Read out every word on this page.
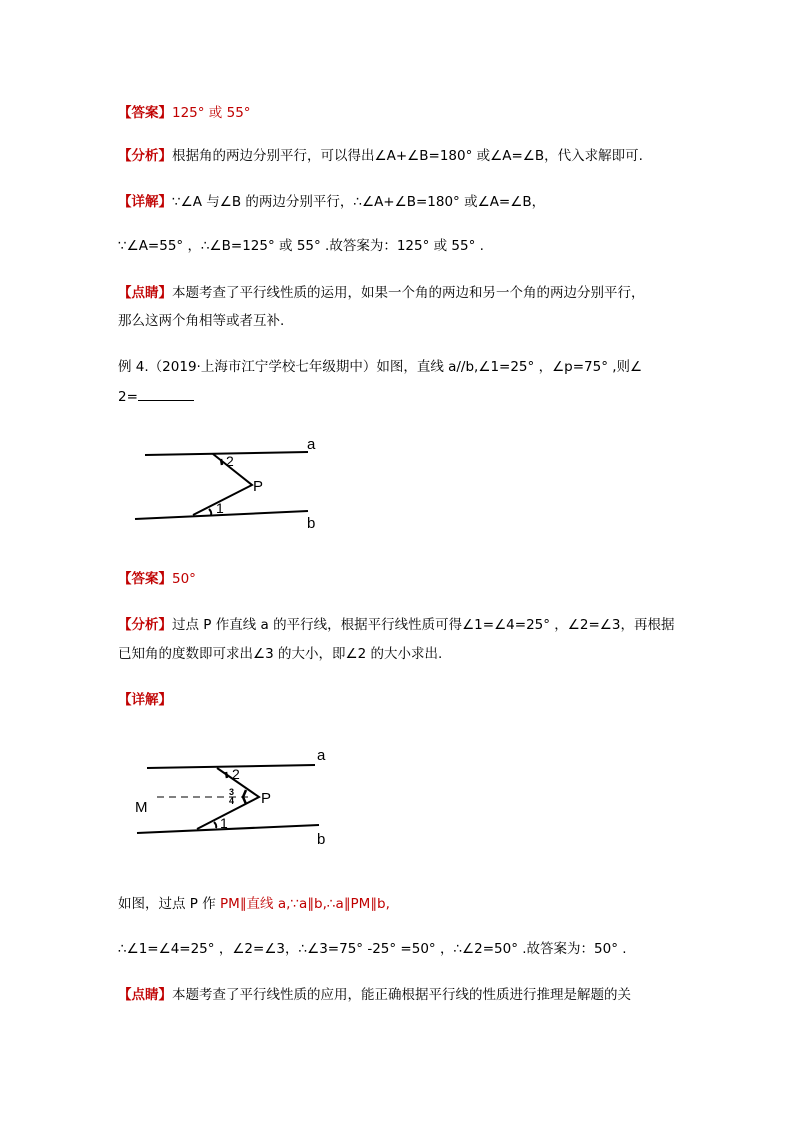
【答案】125° 或 55°
【分析】根据角的两边分别平行，可以得出∠A+∠B=180° 或∠A=∠B，代入求解即可.
【详解】∵∠A 与∠B 的两边分别平行，∴∠A+∠B=180° 或∠A=∠B，
∵∠A=55° ，∴∠B=125° 或 55° .故答案为：125° 或 55° .
【点睛】本题考查了平行线性质的运用，如果一个角的两边和另一个角的两边分别平行，
那么这两个角相等或者互补.
例 4.（2019·上海市江宁学校七年级期中）如图，直线 a//b,∠1=25° ，∠p=75° ,则∠
2=
a
b
P
2
1
【答案】50°
【分析】过点 P 作直线 a 的平行线，根据平行线性质可得∠1=∠4=25° ，∠2=∠3，再根据
已知角的度数即可求出∠3 的大小，即∠2 的大小求出.
【详解】
a
b
P
M
2
3
4
1
如图，过点 P 作 PM∥直线 a,∵a∥b,∴a∥PM∥b,
∴∠1=∠4=25° ，∠2=∠3，∴∠3=75° -25° =50° ，∴∠2=50° .故答案为：50° .
【点睛】本题考查了平行线性质的应用，能正确根据平行线的性质进行推理是解题的关
